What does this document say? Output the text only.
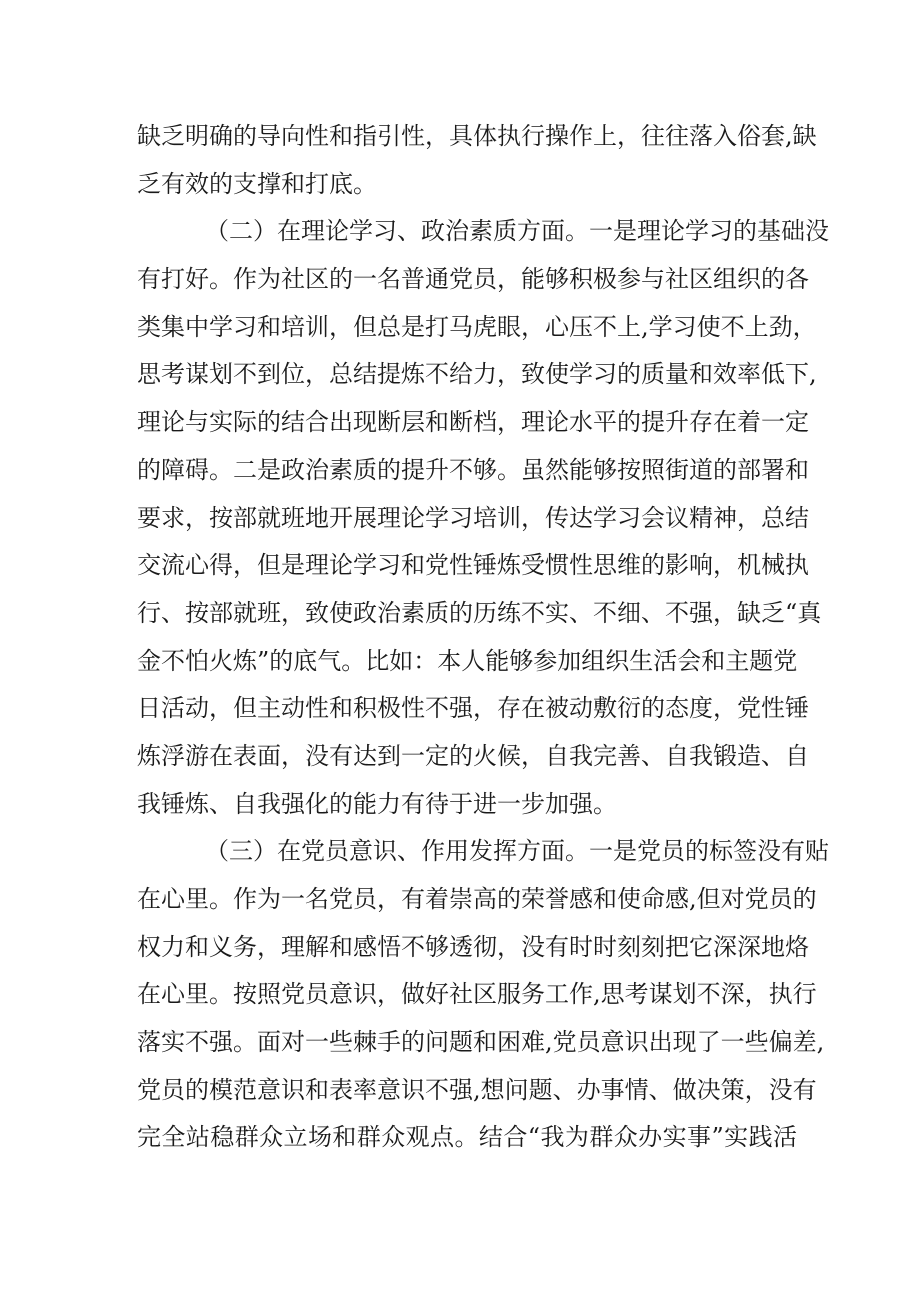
缺乏明确的导向性和指引性，具体执行操作上，往往落入俗套,缺
乏有效的支撑和打底。
（二）在理论学习、政治素质方面。一是理论学习的基础没
有打好。作为社区的一名普通党员，能够积极参与社区组织的各
类集中学习和培训，但总是打马虎眼，心压不上,学习使不上劲，
思考谋划不到位，总结提炼不给力，致使学习的质量和效率低下,
理论与实际的结合出现断层和断档，理论水平的提升存在着一定
的障碍。二是政治素质的提升不够。虽然能够按照街道的部署和
要求，按部就班地开展理论学习培训，传达学习会议精神，总结
交流心得，但是理论学习和党性锤炼受惯性思维的影响，机械执
行、按部就班，致使政治素质的历练不实、不细、不强，缺乏“真
金不怕火炼”的底气。比如：本人能够参加组织生活会和主题党
日活动，但主动性和积极性不强，存在被动敷衍的态度，党性锤
炼浮游在表面，没有达到一定的火候，自我完善、自我锻造、自
我锤炼、自我强化的能力有待于进一步加强。
（三）在党员意识、作用发挥方面。一是党员的标签没有贴
在心里。作为一名党员，有着崇高的荣誉感和使命感,但对党员的
权力和义务，理解和感悟不够透彻，没有时时刻刻把它深深地烙
在心里。按照党员意识，做好社区服务工作,思考谋划不深，执行
落实不强。面对一些棘手的问题和困难,党员意识出现了一些偏差,
党员的模范意识和表率意识不强,想问题、办事情、做决策，没有
完全站稳群众立场和群众观点。结合“我为群众办实事”实践活
